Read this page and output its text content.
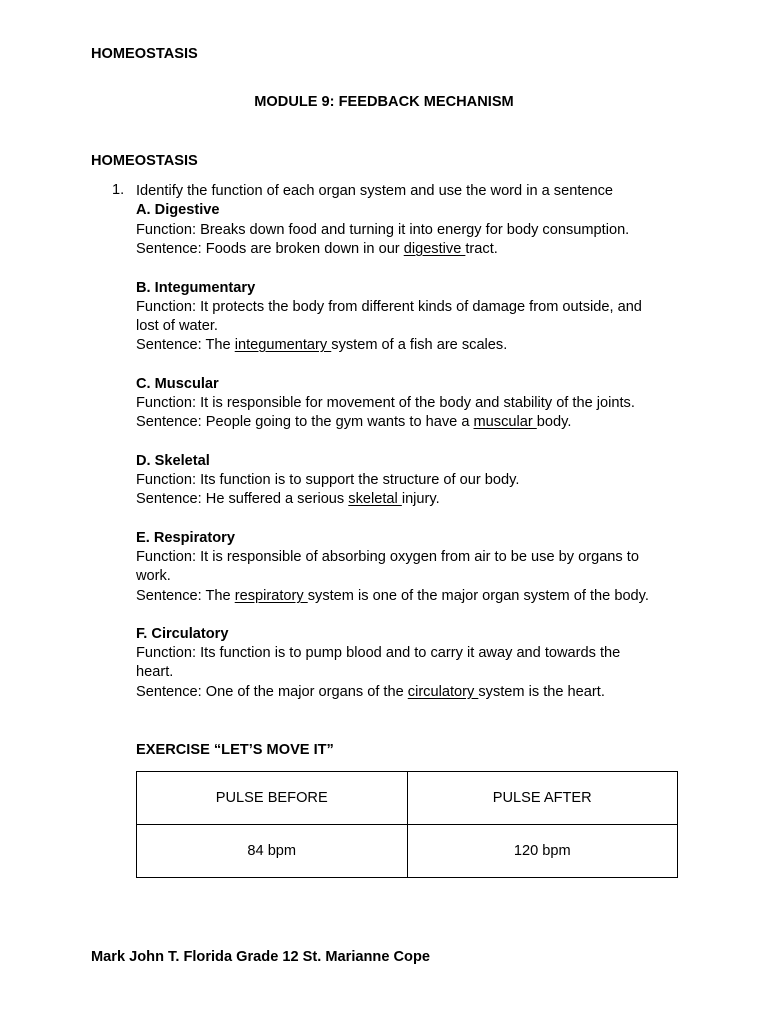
HOMEOSTASIS
MODULE 9: FEEDBACK MECHANISM
HOMEOSTASIS
1. Identify the function of each organ system and use the word in a sentence
A. Digestive
Function: Breaks down food and turning it into energy for body consumption.
Sentence: Foods are broken down in our digestive tract.
B. Integumentary
Function: It protects the body from different kinds of damage from outside, and
lost of water.
Sentence: The integumentary system of a fish are scales.
C. Muscular
Function: It is responsible for movement of the body and stability of the joints.
Sentence: People going to the gym wants to have a muscular body.
D. Skeletal
Function: Its function is to support the structure of our body.
Sentence: He suffered a serious skeletal injury.
E. Respiratory
Function: It is responsible of absorbing oxygen from air to be use by organs to
work.
Sentence: The respiratory system is one of the major organ system of the body.
F. Circulatory
Function: Its function is to pump blood and to carry it away and towards the
heart.
Sentence: One of the major organs of the circulatory system is the heart.
EXERCISE “LET’S MOVE IT”
PULSE BEFORE	PULSE AFTER
84 bpm	120 bpm
Mark John T. Florida Grade 12 St. Marianne Cope
